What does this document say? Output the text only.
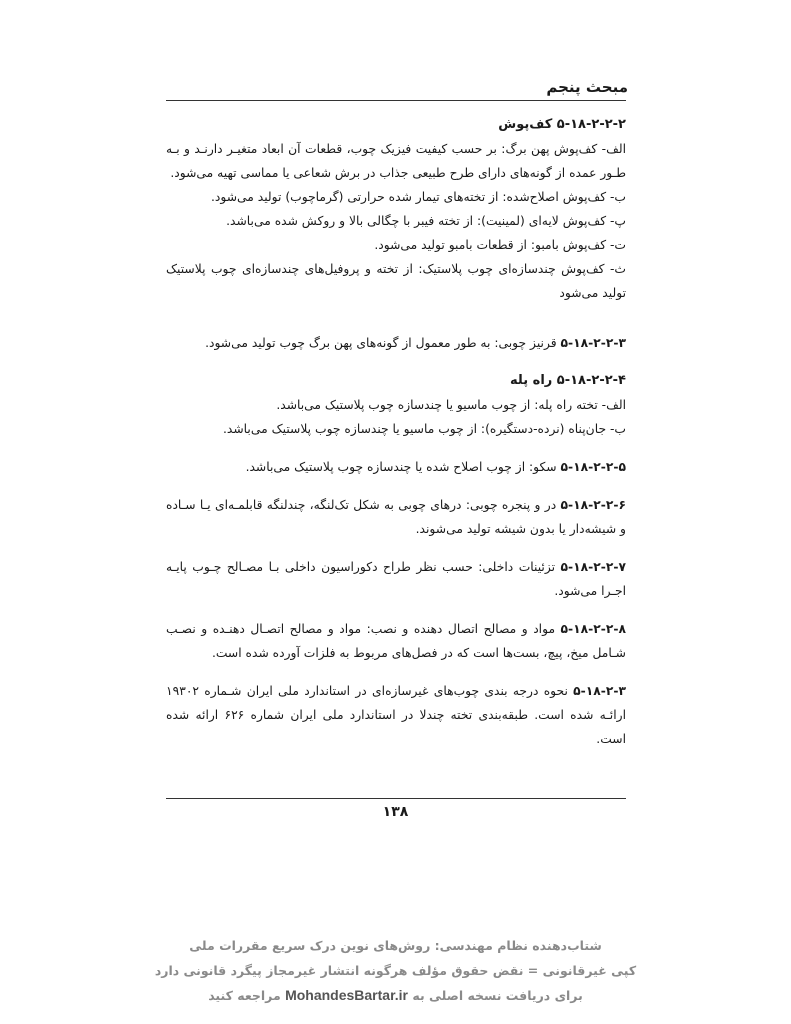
مبحث پنجم

۵-۱۸-۲-۲-۲ کف‌پوش

الف- کف‌پوش پهن برگ: بر حسب کیفیت فیزیک چوب، قطعات آن ابعاد متغیـر دارنـد و بـه طـور عمده از گونه‌های دارای طرح طبیعی جذاب در برش شعاعی یا مماسی تهیه می‌شود.

ب- کف‌پوش اصلاح‌شده: از تخته‌های تیمار شده حرارتی (گرماچوب) تولید می‌شود.

پ- کف‌پوش لایه‌ای (لمینیت): از تخته فیبر با چگالی بالا و روکش شده می‌باشد.

ت- کف‌پوش بامبو: از قطعات بامبو تولید می‌شود.

ث- کف‌پوش چندسازه‌ای چوب پلاستیک: از تخته و پروفیل‌های چندسازه‌ای چوب پلاستیک تولید می‌شود

۵-۱۸-۲-۲-۳ قرنیز چوبی: به طور معمول از گونه‌های پهن برگ چوب تولید می‌شود.

۵-۱۸-۲-۲-۴ راه پله

الف- تخته راه پله: از چوب ماسیو یا چندسازه چوب پلاستیک می‌باشد.

ب- جان‌پناه (نرده-دستگیره): از چوب ماسیو یا چندسازه چوب پلاستیک می‌باشد.

۵-۱۸-۲-۲-۵ سکو: از چوب اصلاح شده یا چندسازه چوب پلاستیک می‌باشد.

۵-۱۸-۲-۲-۶ در و پنجره چوبی: درهای چوبی به شکل تک‌لنگه، چندلنگه قابلمـه‌ای یـا سـاده و شیشه‌دار یا بدون شیشه تولید می‌شوند.

۵-۱۸-۲-۲-۷ تزئینات داخلی: حسب نظر طراح دکوراسیون داخلی بـا مصـالح چـوب پایـه اجـرا می‌شود.

۵-۱۸-۲-۲-۸ مواد و مصالح اتصال دهنده و نصب: مواد و مصالح اتصـال دهنـده و نصـب شـامل میخ، پیچ، بست‌ها است که در فصل‌های مربوط به فلزات آورده شده است.

۵-۱۸-۲-۳ نحوه درجه بندی چوب‌های غیرسازه‌ای در استاندارد ملی ایران شـماره ۱۹۳۰۲ ارائـه شده است. طبقه‌بندی تخته چندلا در استاندارد ملی ایران شماره ۶۲۶ ارائه شده است.

۱۳۸
شتاب‌دهنده نظام مهندسی: روش‌های نوین درک سریع مقررات ملی
کپی غیرقانونی = نقض حقوق مؤلف هرگونه انتشار غیرمجاز پیگرد قانونی دارد
برای دریافت نسخه اصلی به MohandesBartar.ir مراجعه کنید
